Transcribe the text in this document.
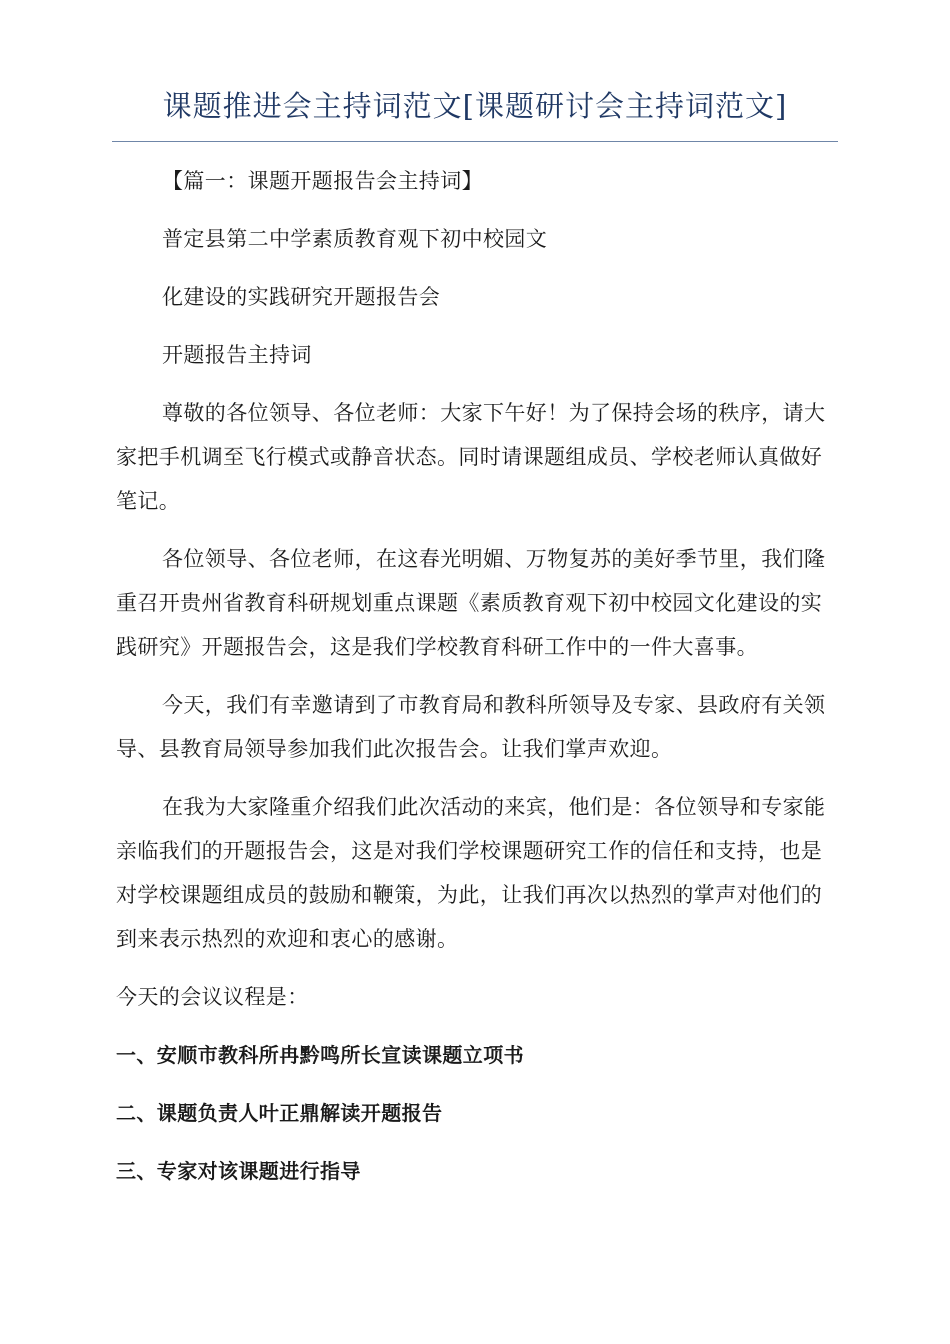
课题推进会主持词范文[课题研讨会主持词范文]

【篇一：课题开题报告会主持词】

普定县第二中学素质教育观下初中校园文

化建设的实践研究开题报告会

开题报告主持词

尊敬的各位领导、各位老师：大家下午好！为了保持会场的秩序，请大家把手机调至飞行模式或静音状态。同时请课题组成员、学校老师认真做好笔记。

各位领导、各位老师，在这春光明媚、万物复苏的美好季节里，我们隆重召开贵州省教育科研规划重点课题《素质教育观下初中校园文化建设的实践研究》开题报告会，这是我们学校教育科研工作中的一件大喜事。

今天，我们有幸邀请到了市教育局和教科所领导及专家、县政府有关领导、县教育局领导参加我们此次报告会。让我们掌声欢迎。

在我为大家隆重介绍我们此次活动的来宾，他们是：各位领导和专家能亲临我们的开题报告会，这是对我们学校课题研究工作的信任和支持，也是对学校课题组成员的鼓励和鞭策，为此，让我们再次以热烈的掌声对他们的到来表示热烈的欢迎和衷心的感谢。

今天的会议议程是：

一、安顺市教科所冉黔鸣所长宣读课题立项书

二、课题负责人叶正鼎解读开题报告

三、专家对该课题进行指导
